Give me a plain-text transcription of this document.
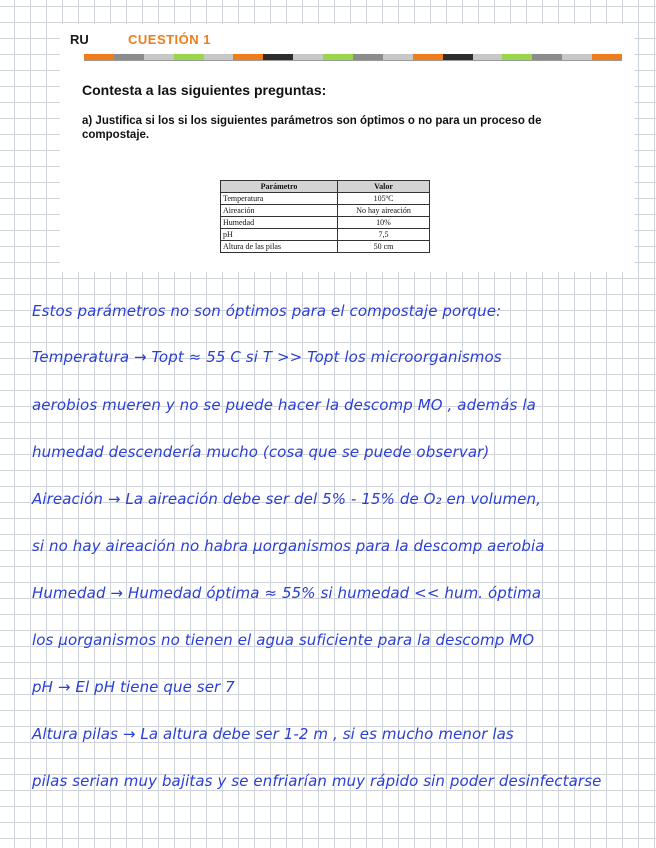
RU	CUESTIÓN 1
Contesta a las siguientes preguntas:
a) Justifica si los si los siguientes parámetros son óptimos o no para un proceso de compostaje.
Parámetro	Valor
Temperatura	105ºC
Aireación	No hay aireación
Humedad	10%
pH	7,5
Altura de las pilas	50 cm
Estos parámetros no son óptimos para el compostaje porque:
Temperatura → Topt ≈ 55 C si T >> Topt los microorganismos
aerobios mueren y no se puede hacer la descomp MO , además la
humedad descendería mucho (cosa que se puede observar)
Aireación → La aireación debe ser del 5% - 15% de O₂ en volumen,
si no hay aireación no habra µorganismos para la descomp aerobia
Humedad → Humedad óptima ≈ 55% si humedad << hum. óptima
los µorganismos no tienen el agua suficiente para la descomp MO
pH → El pH tiene que ser 7
Altura pilas → La altura debe ser 1-2 m , si es mucho menor las
pilas serian muy bajitas y se enfriarían muy rápido sin poder desinfectarse
